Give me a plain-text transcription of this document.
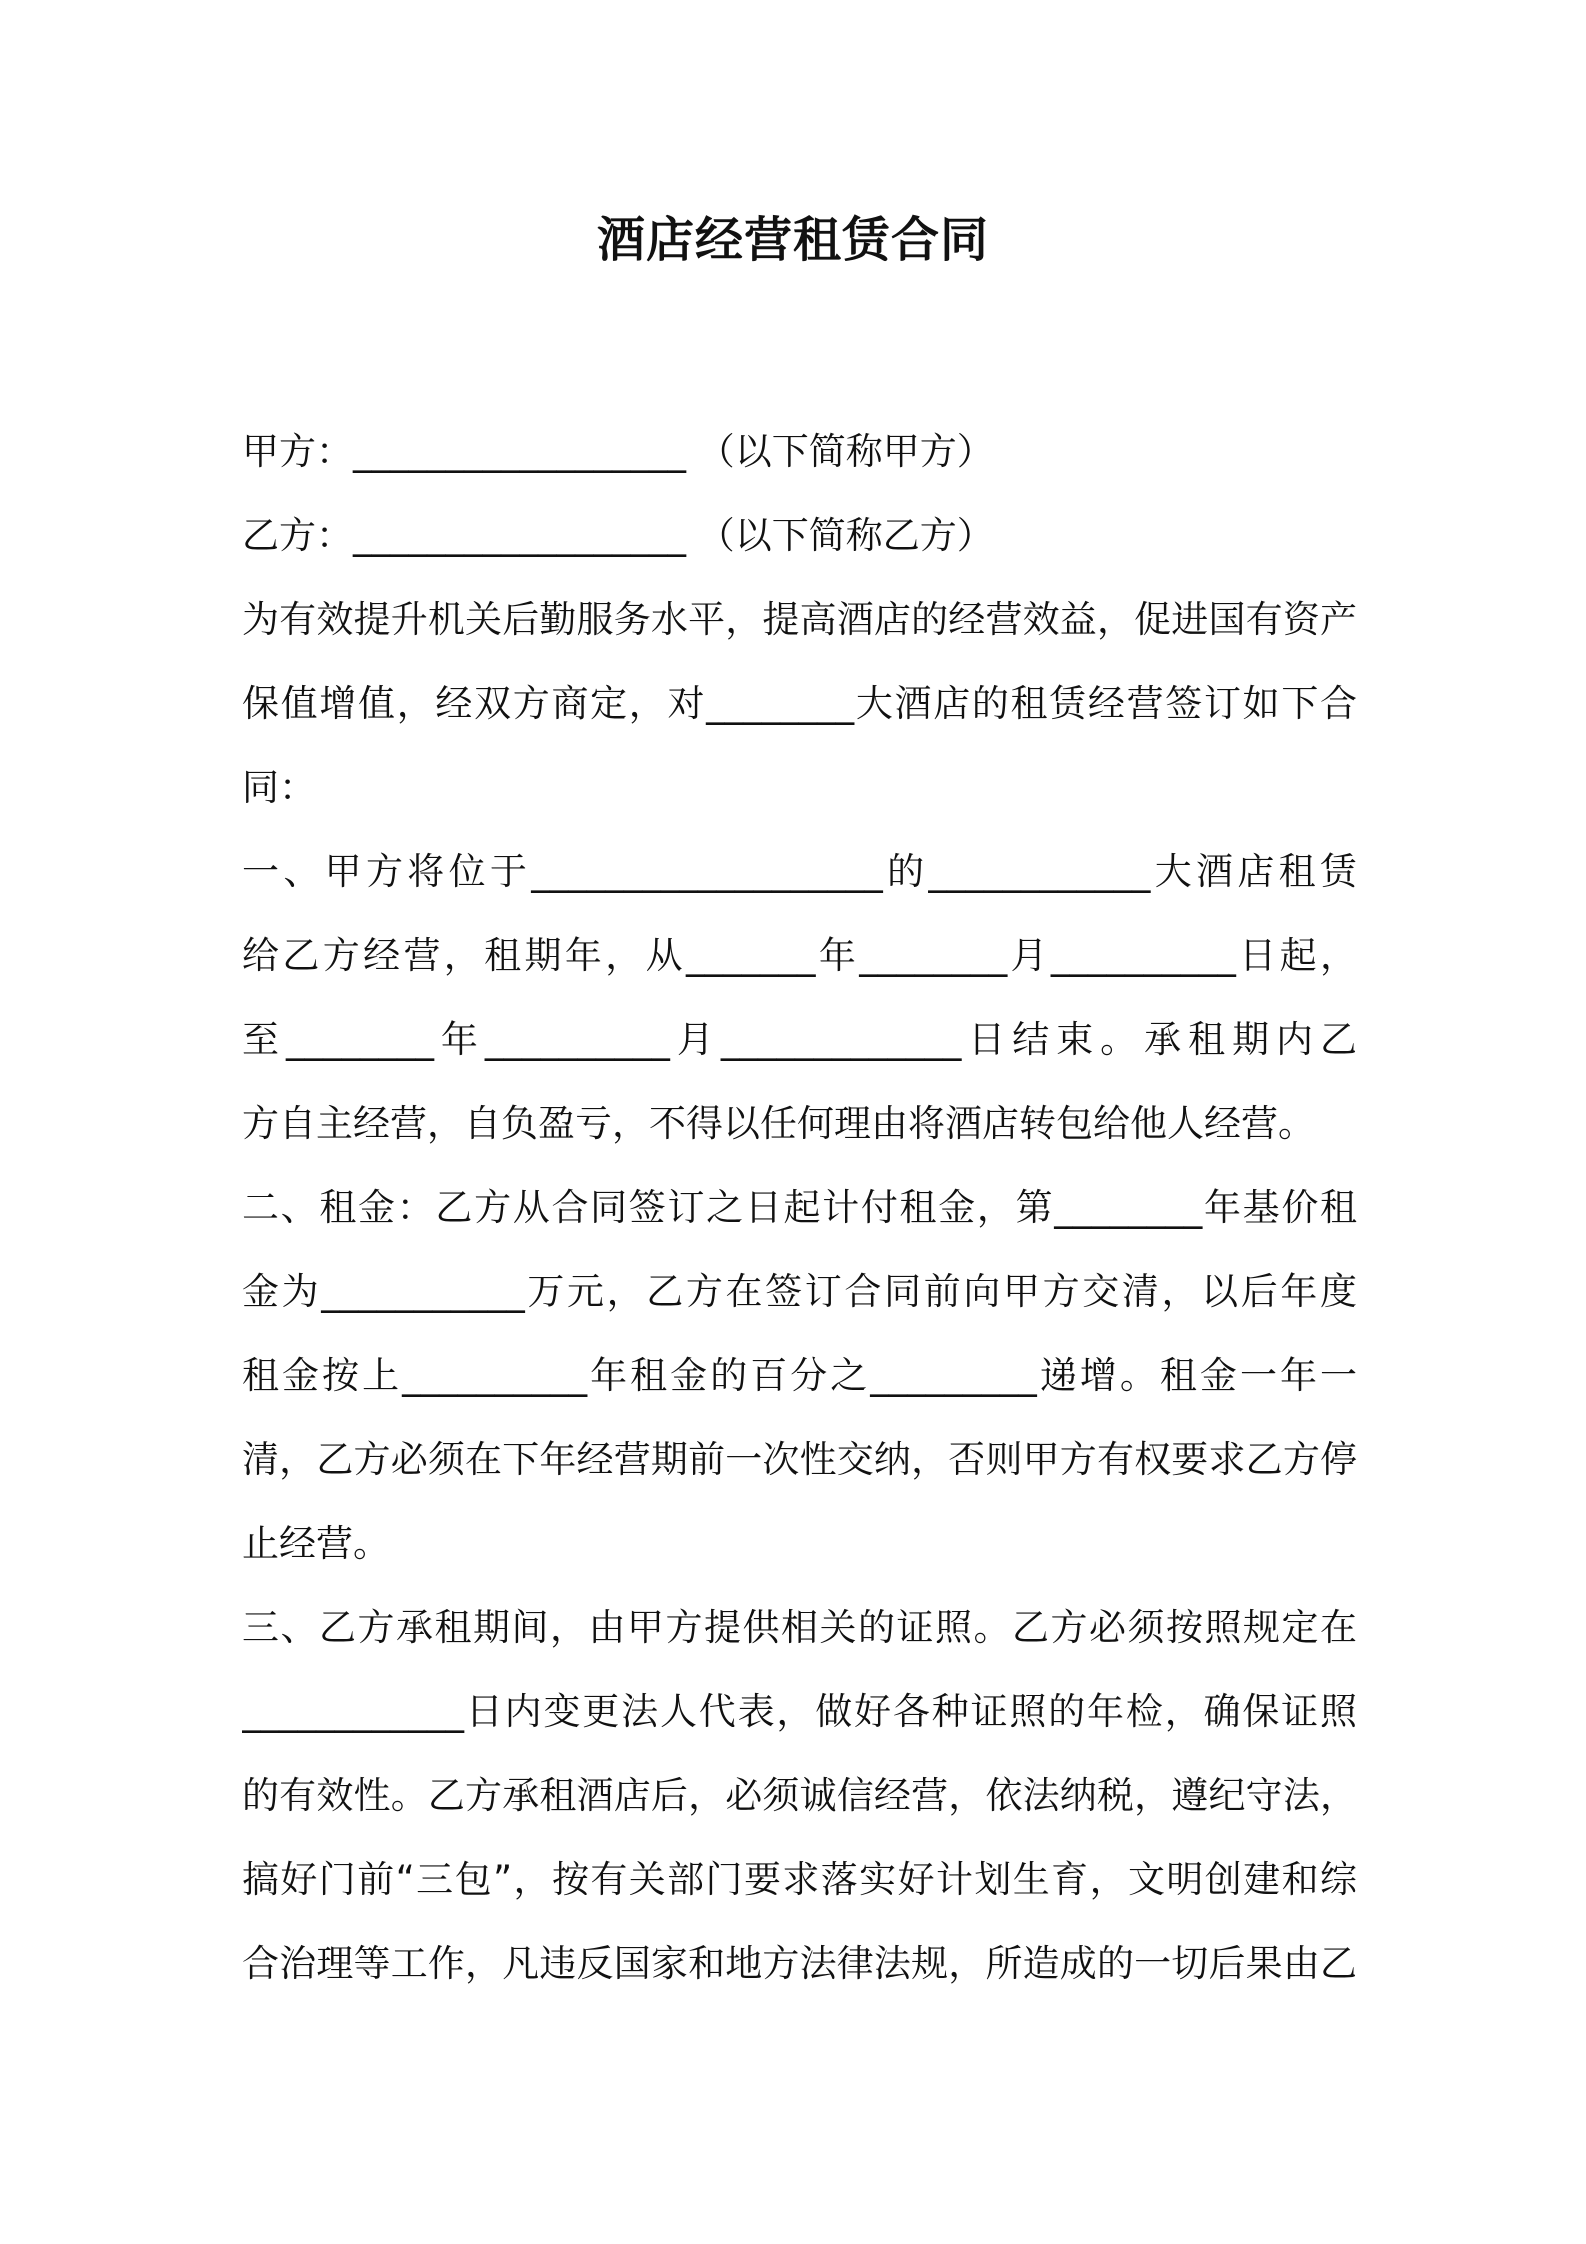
酒店经营租赁合同
甲方：__________________ （以下简称甲方）
乙方：__________________ （以下简称乙方）
为有效提升机关后勤服务水平，提高酒店的经营效益，促进国有资产
保值增值，经双方商定，对________大酒店的租赁经营签订如下合
同：
一、甲方将位于___________________的____________大酒店租赁
给乙方经营，租期年，从_______年________月__________日起，
至________年__________月_____________日结束。承租期内乙
方自主经营，自负盈亏，不得以任何理由将酒店转包给他人经营。
二、租金：乙方从合同签订之日起计付租金，第________年基价租
金为___________万元，乙方在签订合同前向甲方交清，以后年度
租金按上__________年租金的百分之_________递增。租金一年一
清，乙方必须在下年经营期前一次性交纳，否则甲方有权要求乙方停
止经营。
三、乙方承租期间，由甲方提供相关的证照。乙方必须按照规定在
____________日内变更法人代表，做好各种证照的年检，确保证照
的有效性。乙方承租酒店后，必须诚信经营，依法纳税，遵纪守法，
搞好门前“三包”，按有关部门要求落实好计划生育，文明创建和综
合治理等工作，凡违反国家和地方法律法规，所造成的一切后果由乙
